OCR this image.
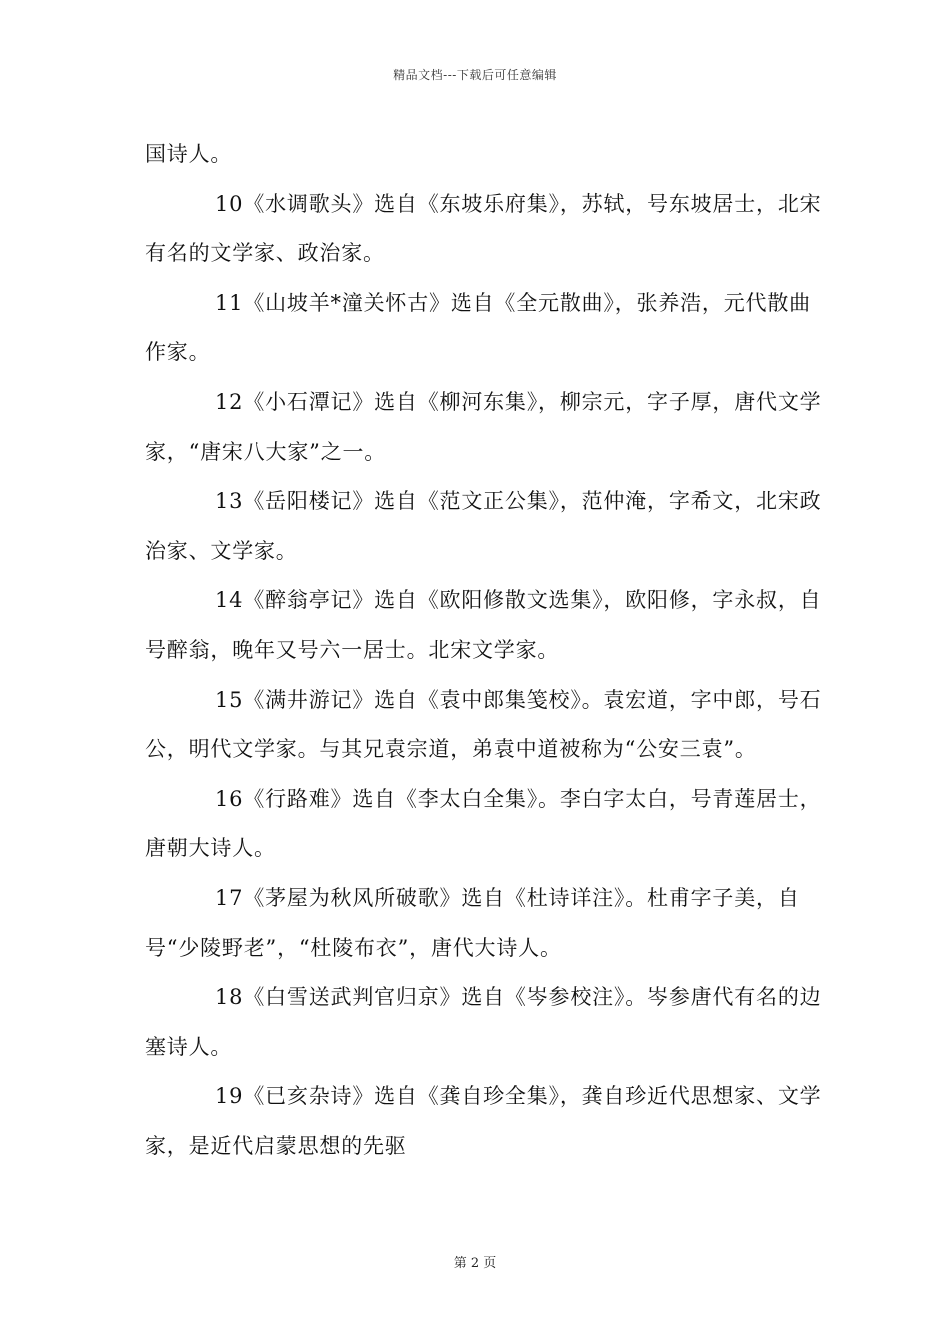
精品文档---下载后可任意编辑

国诗人。

10《水调歌头》选自《东坡乐府集》，苏轼，号东坡居士，北宋有名的文学家、政治家。

11《山坡羊*潼关怀古》选自《全元散曲》，张养浩，元代散曲作家。

12《小石潭记》选自《柳河东集》，柳宗元，字子厚，唐代文学家，“唐宋八大家”之一。

13《岳阳楼记》选自《范文正公集》，范仲淹，字希文，北宋政治家、文学家。

14《醉翁亭记》选自《欧阳修散文选集》，欧阳修，字永叔，自号醉翁，晚年又号六一居士。北宋文学家。

15《满井游记》选自《袁中郎集笺校》。袁宏道，字中郎，号石公，明代文学家。与其兄袁宗道，弟袁中道被称为“公安三袁”。

16《行路难》选自《李太白全集》。李白字太白，号青莲居士，唐朝大诗人。

17《茅屋为秋风所破歌》选自《杜诗详注》。杜甫字子美，自号“少陵野老”，“杜陵布衣”，唐代大诗人。

18《白雪送武判官归京》选自《岑参校注》。岑参唐代有名的边塞诗人。

19《已亥杂诗》选自《龚自珍全集》，龚自珍近代思想家、文学家，是近代启蒙思想的先驱

第 2 页
